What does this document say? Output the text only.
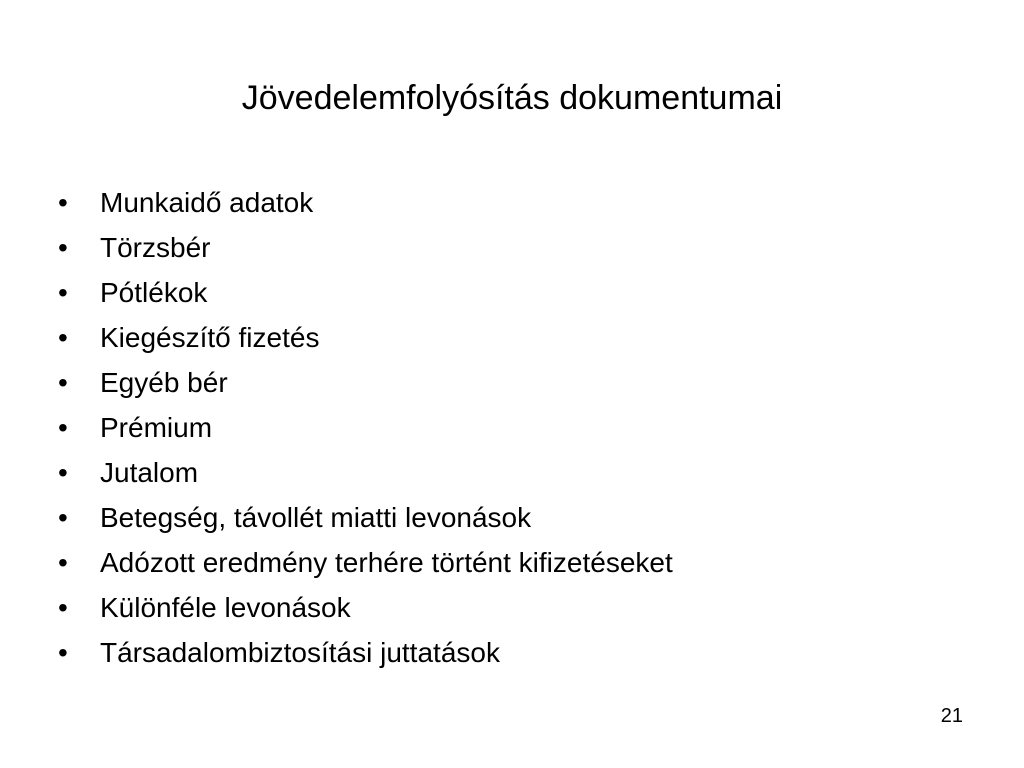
Jövedelemfolyósítás dokumentumai
•	Munkaidő adatok
•	Törzsbér
•	Pótlékok
•	Kiegészítő fizetés
•	Egyéb bér
•	Prémium
•	Jutalom
•	Betegség, távollét miatti levonások
•	Adózott eredmény terhére történt kifizetéseket
•	Különféle levonások
•	Társadalombiztosítási juttatások
21
